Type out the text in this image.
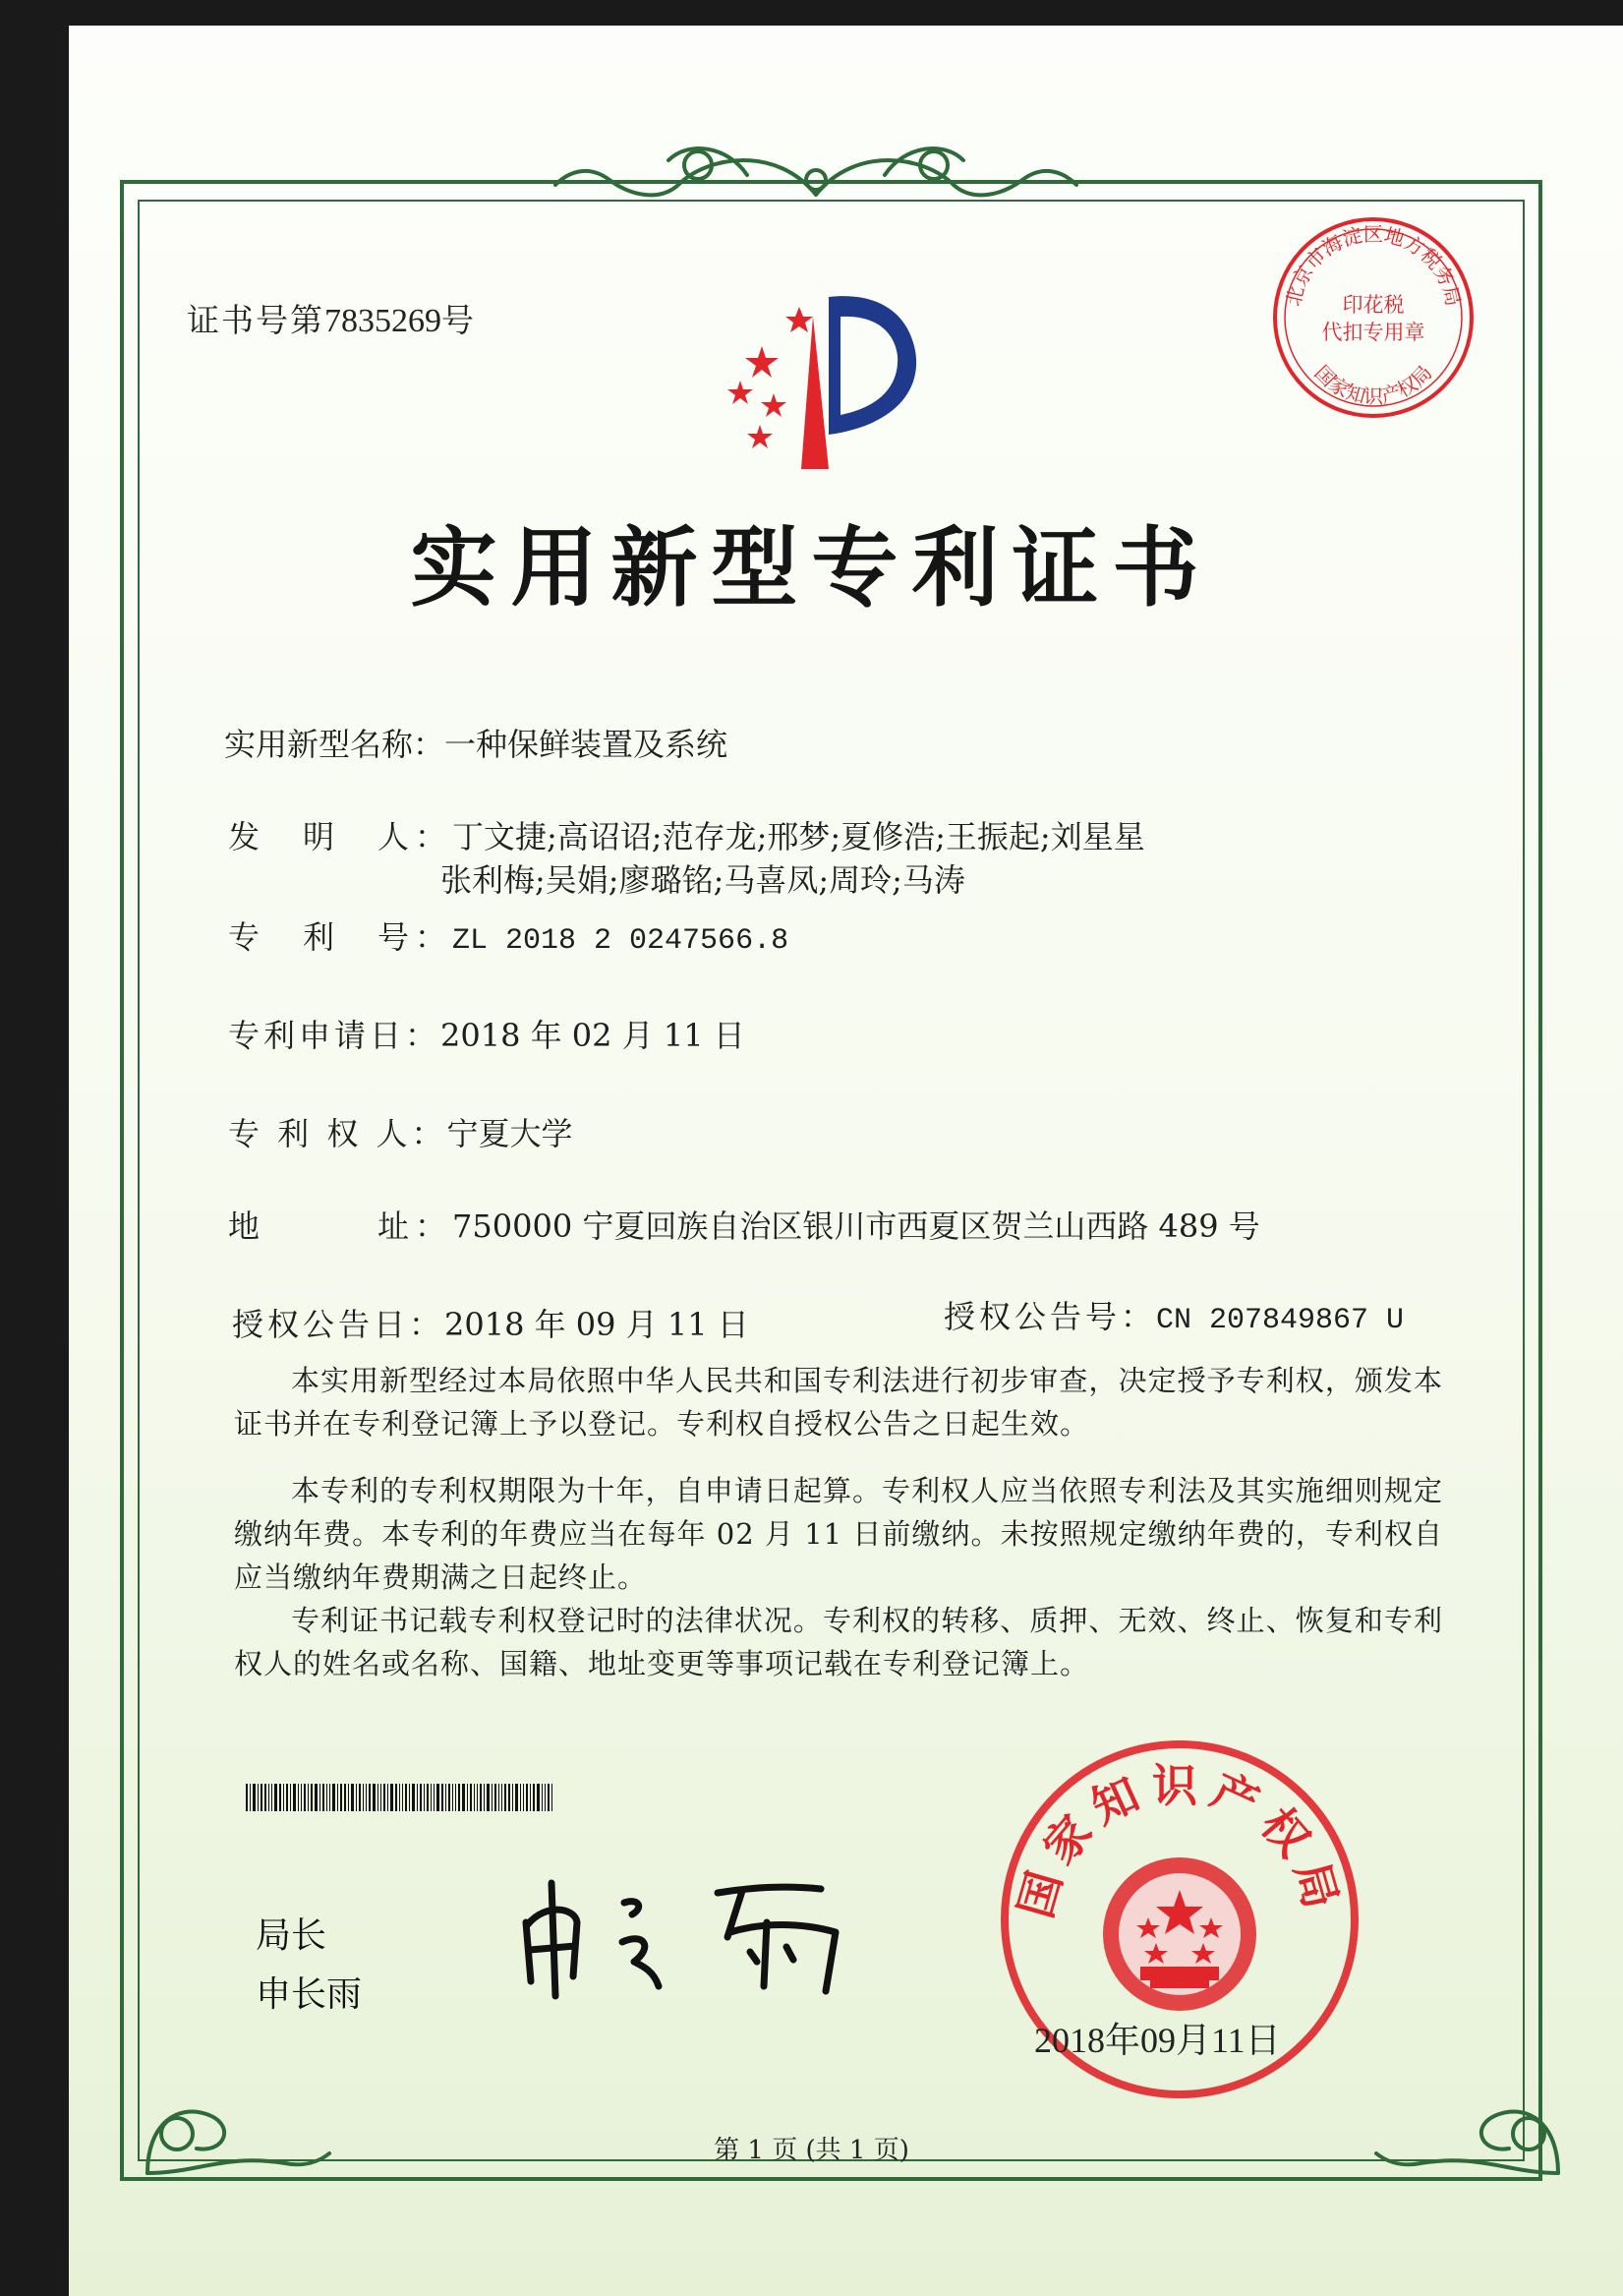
证书号第7835269号
北京市海淀区地方税务局
国家知识产权局
印花税
代扣专用章
实用新型专利证书
实用新型名称：一种保鲜装置及系统
发　明　人：丁文捷;高诏诏;范存龙;邢梦;夏修浩;王振起;刘星星
张利梅;吴娟;廖璐铭;马喜凤;周玲;马涛
专　利　号：ZL 2018 2 0247566.8
专利申请日：2018 年 02 月 11 日
专 利 权 人：宁夏大学
地　　　址：750000 宁夏回族自治区银川市西夏区贺兰山西路 489 号
授权公告日：2018 年 09 月 11 日	授权公告号：CN 207849867 U
本实用新型经过本局依照中华人民共和国专利法进行初步审查，决定授予专利权，颁发本证书并在专利登记簿上予以登记。专利权自授权公告之日起生效。
本专利的专利权期限为十年，自申请日起算。专利权人应当依照专利法及其实施细则规定缴纳年费。本专利的年费应当在每年 02 月 11 日前缴纳。未按照规定缴纳年费的，专利权自应当缴纳年费期满之日起终止。
专利证书记载专利权登记时的法律状况。专利权的转移、质押、无效、终止、恢复和专利权人的姓名或名称、国籍、地址变更等事项记载在专利登记簿上。
局长
申长雨
国家知识产权局
2018年09月11日
第 1 页 (共 1 页)
